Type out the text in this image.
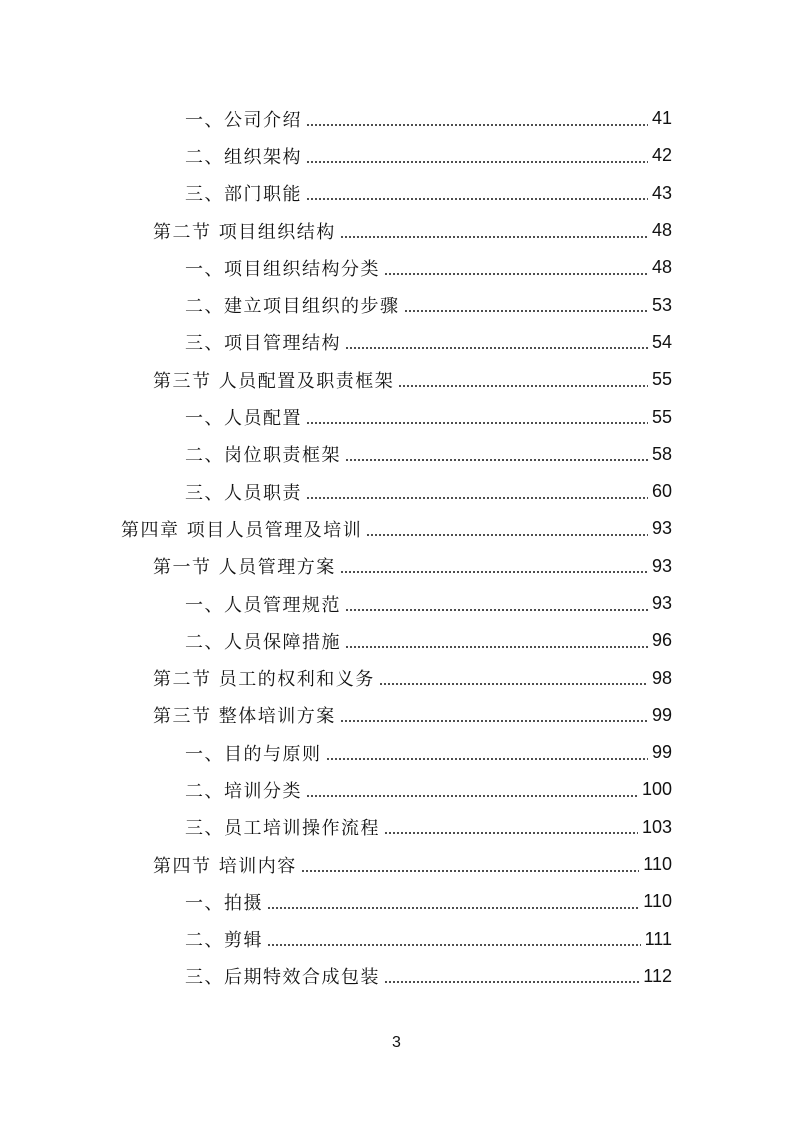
一、公司介绍	41
二、组织架构	42
三、部门职能	43
第二节 项目组织结构	48
一、项目组织结构分类	48
二、建立项目组织的步骤	53
三、项目管理结构	54
第三节 人员配置及职责框架	55
一、人员配置	55
二、岗位职责框架	58
三、人员职责	60
第四章 项目人员管理及培训	93
第一节 人员管理方案	93
一、人员管理规范	93
二、人员保障措施	96
第二节 员工的权利和义务	98
第三节 整体培训方案	99
一、目的与原则	99
二、培训分类	100
三、员工培训操作流程	103
第四节 培训内容	110
一、拍摄	110
二、剪辑	111
三、后期特效合成包装	112
3
